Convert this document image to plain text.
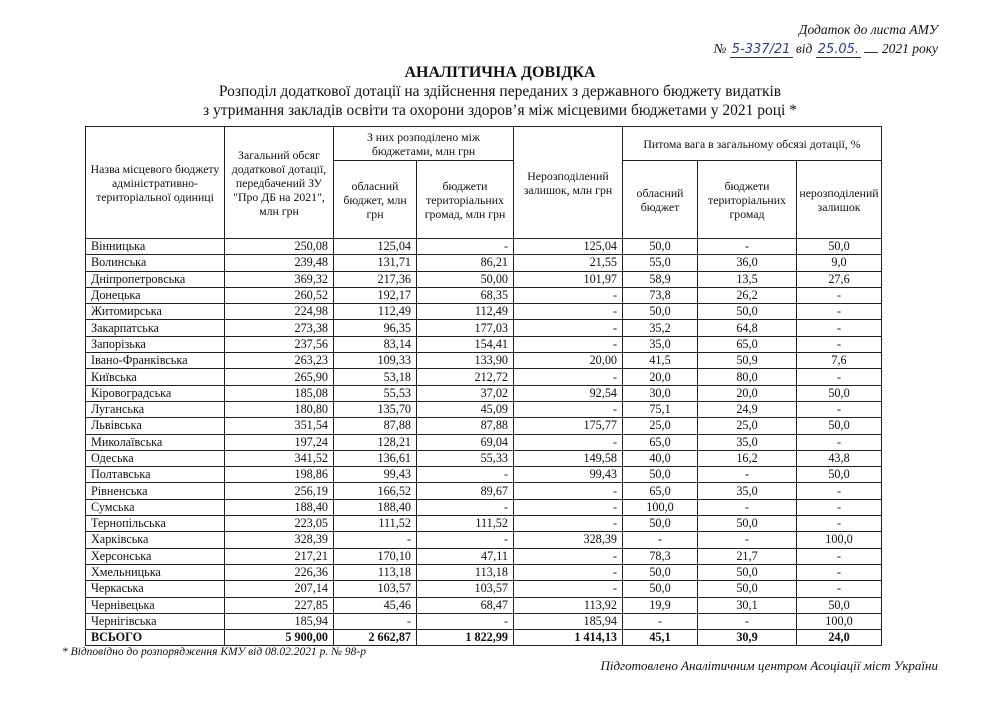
Додаток до листа АМУ
№ 5-337/21 від 25.05. 2021 року
АНАЛІТИЧНА ДОВІДКА
Розподіл додаткової дотації на здійснення переданих з державного бюджету видатків
з утримання закладів освіти та охорони здоров’я між місцевими бюджетами у 2021 році *
Назва місцевого бюджету адміністративно-територіальної одиниці	Загальний обсяг додаткової дотації, передбачений ЗУ "Про ДБ на 2021", млн грн	З них розподілено між бюджетами, млн грн		Нерозподілений залишок, млн грн	Питома вага в загальному обсязі дотації, %		
		обласний бюджет, млн грн	бюджети територіальних громад, млн грн		обласний бюджет	бюджети територіальних громад	нерозподілений залишок
Вінницька	250,08	125,04	-	125,04	50,0	-	50,0
Волинська	239,48	131,71	86,21	21,55	55,0	36,0	9,0
Дніпропетровська	369,32	217,36	50,00	101,97	58,9	13,5	27,6
Донецька	260,52	192,17	68,35	-	73,8	26,2	-
Житомирська	224,98	112,49	112,49	-	50,0	50,0	-
Закарпатська	273,38	96,35	177,03	-	35,2	64,8	-
Запорізька	237,56	83,14	154,41	-	35,0	65,0	-
Івано-Франківська	263,23	109,33	133,90	20,00	41,5	50,9	7,6
Київська	265,90	53,18	212,72	-	20,0	80,0	-
Кіровоградська	185,08	55,53	37,02	92,54	30,0	20,0	50,0
Луганська	180,80	135,70	45,09	-	75,1	24,9	-
Львівська	351,54	87,88	87,88	175,77	25,0	25,0	50,0
Миколаївська	197,24	128,21	69,04	-	65,0	35,0	-
Одеська	341,52	136,61	55,33	149,58	40,0	16,2	43,8
Полтавська	198,86	99,43	-	99,43	50,0	-	50,0
Рівненська	256,19	166,52	89,67	-	65,0	35,0	-
Сумська	188,40	188,40	-	-	100,0	-	-
Тернопільська	223,05	111,52	111,52	-	50,0	50,0	-
Харківська	328,39	-	-	328,39	-	-	100,0
Херсонська	217,21	170,10	47,11	-	78,3	21,7	-
Хмельницька	226,36	113,18	113,18	-	50,0	50,0	-
Черкаська	207,14	103,57	103,57	-	50,0	50,0	-
Чернівецька	227,85	45,46	68,47	113,92	19,9	30,1	50,0
Чернігівська	185,94	-	-	185,94	-	-	100,0
ВСЬОГО	5 900,00	2 662,87	1 822,99	1 414,13	45,1	30,9	24,0
* Відповідно до розпорядження КМУ від 08.02.2021 р. № 98-р
Підготовлено Аналітичним центром Асоціації міст України
